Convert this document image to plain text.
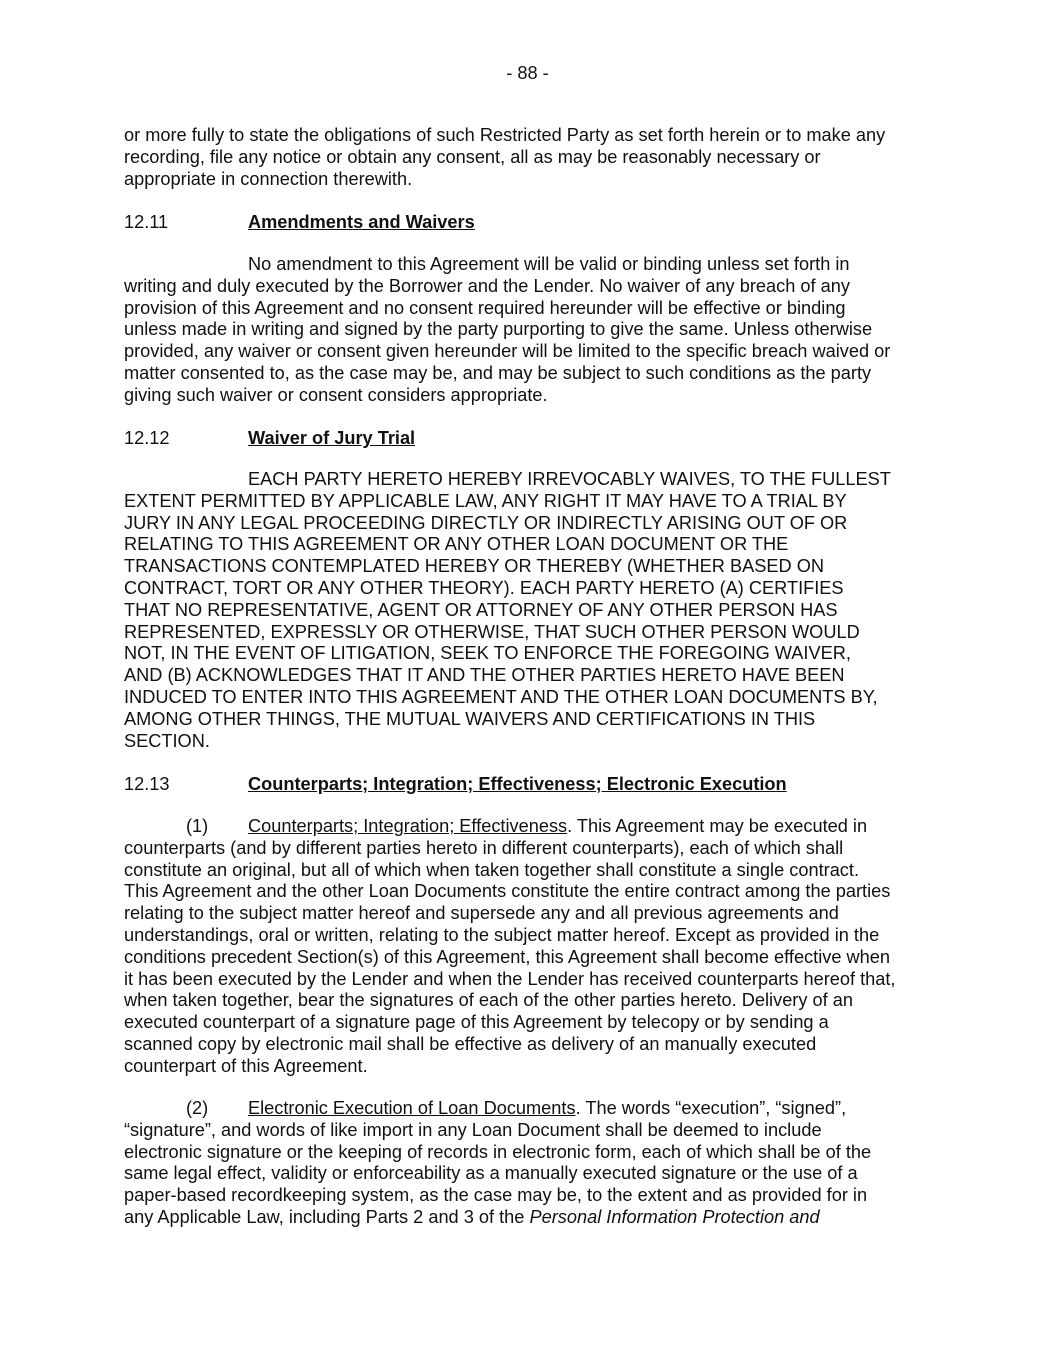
- 88 -
or more fully to state the obligations of such Restricted Party as set forth herein or to make any
recording, file any notice or obtain any consent, all as may be reasonably necessary or
appropriate in connection therewith.
12.11	Amendments and Waivers
No amendment to this Agreement will be valid or binding unless set forth in
writing and duly executed by the Borrower and the Lender. No waiver of any breach of any
provision of this Agreement and no consent required hereunder will be effective or binding
unless made in writing and signed by the party purporting to give the same. Unless otherwise
provided, any waiver or consent given hereunder will be limited to the specific breach waived or
matter consented to, as the case may be, and may be subject to such conditions as the party
giving such waiver or consent considers appropriate.
12.12	Waiver of Jury Trial
EACH PARTY HERETO HEREBY IRREVOCABLY WAIVES, TO THE FULLEST
EXTENT PERMITTED BY APPLICABLE LAW, ANY RIGHT IT MAY HAVE TO A TRIAL BY
JURY IN ANY LEGAL PROCEEDING DIRECTLY OR INDIRECTLY ARISING OUT OF OR
RELATING TO THIS AGREEMENT OR ANY OTHER LOAN DOCUMENT OR THE
TRANSACTIONS CONTEMPLATED HEREBY OR THEREBY (WHETHER BASED ON
CONTRACT, TORT OR ANY OTHER THEORY). EACH PARTY HERETO (A) CERTIFIES
THAT NO REPRESENTATIVE, AGENT OR ATTORNEY OF ANY OTHER PERSON HAS
REPRESENTED, EXPRESSLY OR OTHERWISE, THAT SUCH OTHER PERSON WOULD
NOT, IN THE EVENT OF LITIGATION, SEEK TO ENFORCE THE FOREGOING WAIVER,
AND (B) ACKNOWLEDGES THAT IT AND THE OTHER PARTIES HERETO HAVE BEEN
INDUCED TO ENTER INTO THIS AGREEMENT AND THE OTHER LOAN DOCUMENTS BY,
AMONG OTHER THINGS, THE MUTUAL WAIVERS AND CERTIFICATIONS IN THIS
SECTION.
12.13	Counterparts; Integration; Effectiveness; Electronic Execution
(1) Counterparts; Integration; Effectiveness. This Agreement may be executed in
counterparts (and by different parties hereto in different counterparts), each of which shall
constitute an original, but all of which when taken together shall constitute a single contract.
This Agreement and the other Loan Documents constitute the entire contract among the parties
relating to the subject matter hereof and supersede any and all previous agreements and
understandings, oral or written, relating to the subject matter hereof. Except as provided in the
conditions precedent Section(s) of this Agreement, this Agreement shall become effective when
it has been executed by the Lender and when the Lender has received counterparts hereof that,
when taken together, bear the signatures of each of the other parties hereto. Delivery of an
executed counterpart of a signature page of this Agreement by telecopy or by sending a
scanned copy by electronic mail shall be effective as delivery of an manually executed
counterpart of this Agreement.
(2) Electronic Execution of Loan Documents. The words “execution”, “signed”,
“signature”, and words of like import in any Loan Document shall be deemed to include
electronic signature or the keeping of records in electronic form, each of which shall be of the
same legal effect, validity or enforceability as a manually executed signature or the use of a
paper-based recordkeeping system, as the case may be, to the extent and as provided for in
any Applicable Law, including Parts 2 and 3 of the Personal Information Protection and
